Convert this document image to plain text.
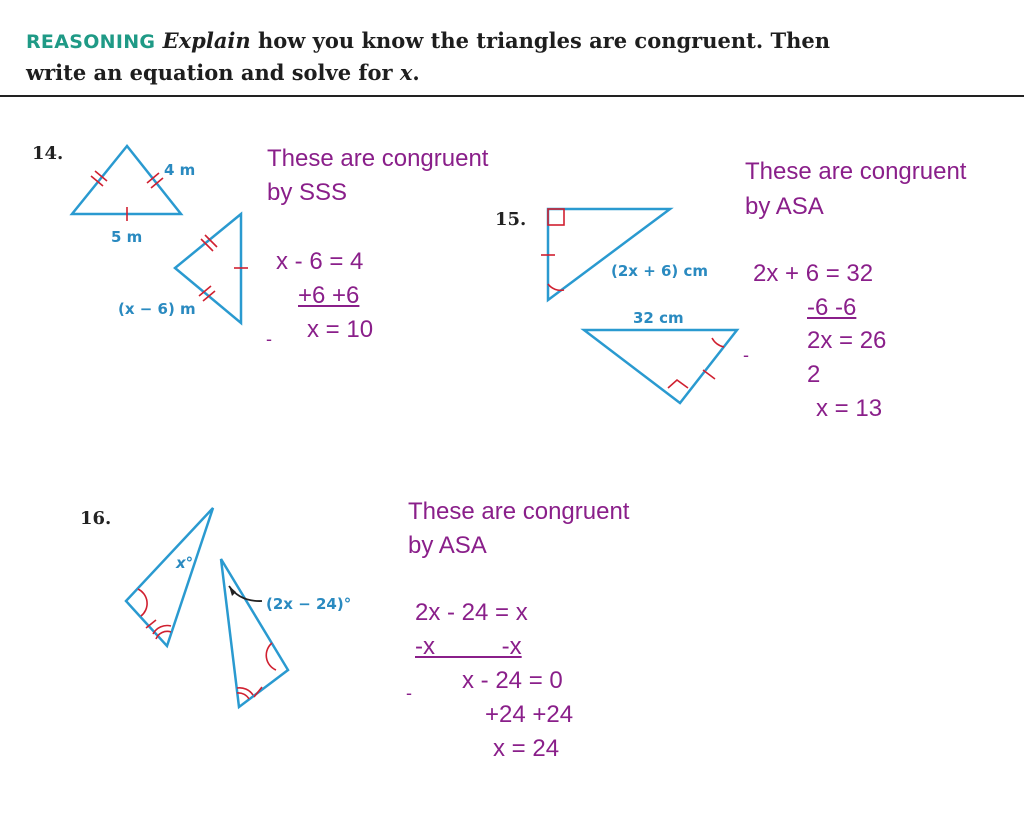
REASONING Explain how you know the triangles are congruent. Then
write an equation and solve for x.
14.
4 m
5 m
(x − 6) m
These are congruent
by SSS
x - 6 = 4
+6 +6
- x = 10
15.
(2x + 6) cm
32 cm
These are congruent
by ASA
2x + 6 = 32
-6 -6
-
2x = 26
2
x = 13
16.
x°
(2x − 24)°
These are congruent
by ASA
2x - 24 = x
-x          -x
- x - 24 = 0
+24 +24
x = 24
